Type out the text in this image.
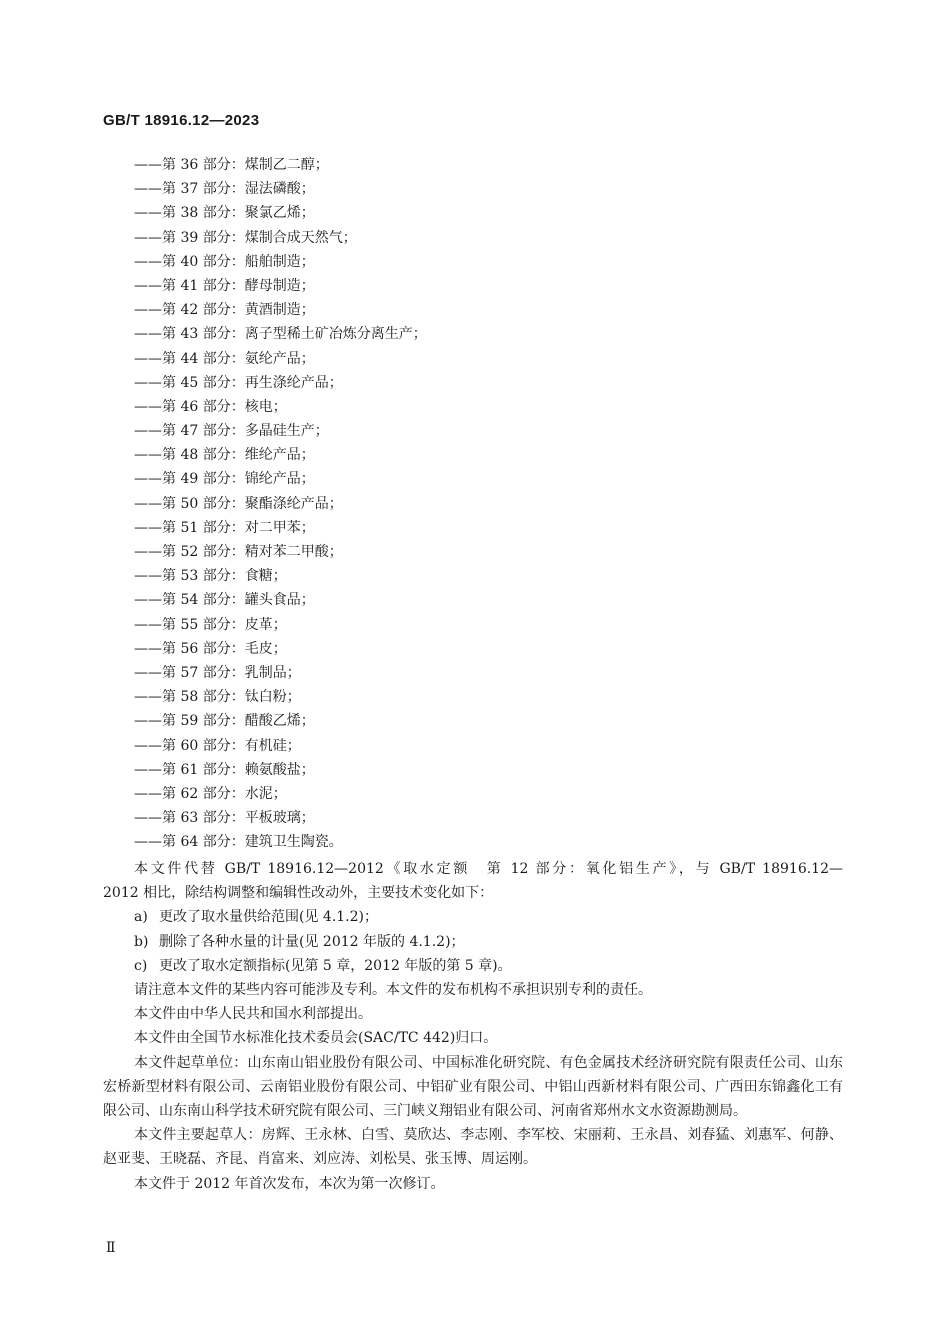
GB/T 18916.12—2023
——第 36 部分：煤制乙二醇；
——第 37 部分：湿法磷酸；
——第 38 部分：聚氯乙烯；
——第 39 部分：煤制合成天然气；
——第 40 部分：船舶制造；
——第 41 部分：酵母制造；
——第 42 部分：黄酒制造；
——第 43 部分：离子型稀土矿冶炼分离生产；
——第 44 部分：氨纶产品；
——第 45 部分：再生涤纶产品；
——第 46 部分：核电；
——第 47 部分：多晶硅生产；
——第 48 部分：维纶产品；
——第 49 部分：锦纶产品；
——第 50 部分：聚酯涤纶产品；
——第 51 部分：对二甲苯；
——第 52 部分：精对苯二甲酸；
——第 53 部分：食糖；
——第 54 部分：罐头食品；
——第 55 部分：皮革；
——第 56 部分：毛皮；
——第 57 部分：乳制品；
——第 58 部分：钛白粉；
——第 59 部分：醋酸乙烯；
——第 60 部分：有机硅；
——第 61 部分：赖氨酸盐；
——第 62 部分：水泥；
——第 63 部分：平板玻璃；
——第 64 部分：建筑卫生陶瓷。

本文件代替 GB/T 18916.12—2012《取水定额　第 12 部分：氧化铝生产》，与 GB/T 18916.12—

2012 相比，除结构调整和编辑性改动外，主要技术变化如下：

a) 更改了取水量供给范围(见 4.1.2)；

b) 删除了各种水量的计量(见 2012 年版的 4.1.2)；

c) 更改了取水定额指标(见第 5 章，2012 年版的第 5 章)。

请注意本文件的某些内容可能涉及专利。本文件的发布机构不承担识别专利的责任。

本文件由中华人民共和国水利部提出。

本文件由全国节水标准化技术委员会(SAC/TC 442)归口。

本文件起草单位：山东南山铝业股份有限公司、中国标准化研究院、有色金属技术经济研究院有限责任公司、山东宏桥新型材料有限公司、云南铝业股份有限公司、中铝矿业有限公司、中铝山西新材料有限公司、广西田东锦鑫化工有限公司、山东南山科学技术研究院有限公司、三门峡义翔铝业有限公司、河南省郑州水文水资源勘测局。

本文件主要起草人：房辉、王永林、白雪、莫欣达、李志刚、李军校、宋丽莉、王永昌、刘春猛、刘惠军、何静、赵亚斐、王晓磊、齐昆、肖富来、刘应涛、刘松昊、张玉博、周运刚。

本文件于 2012 年首次发布，本次为第一次修订。

Ⅱ
